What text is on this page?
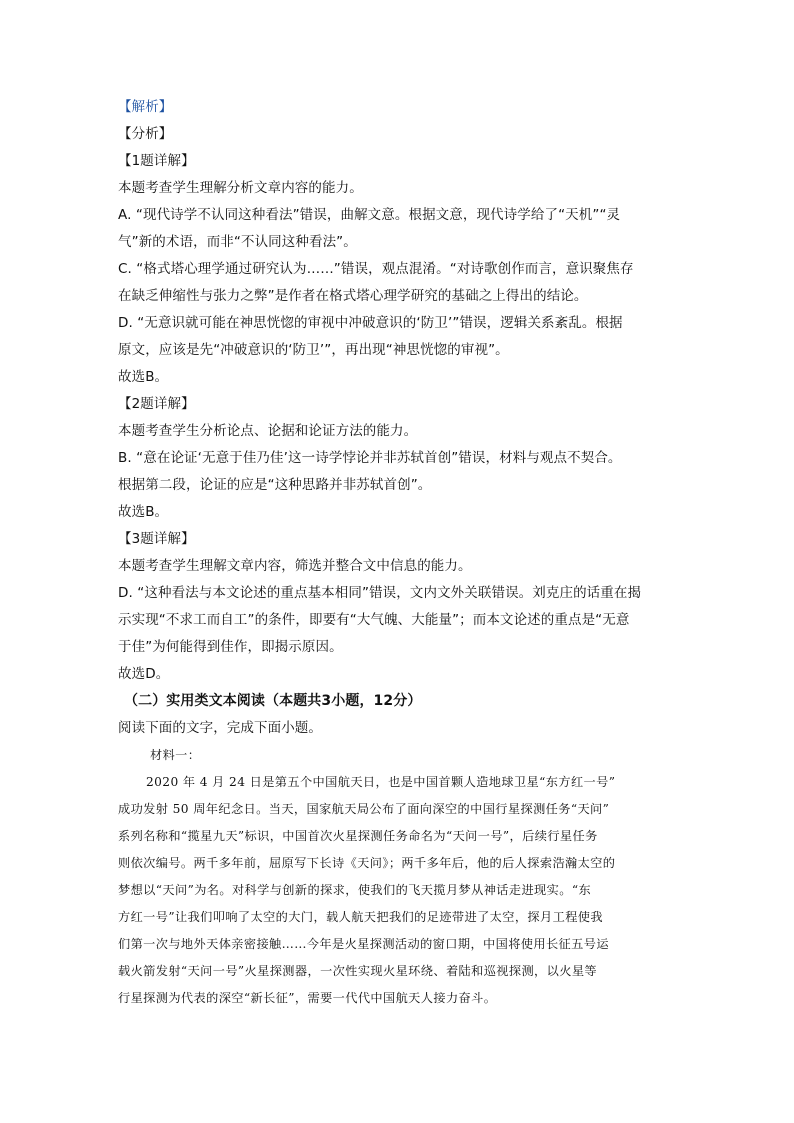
【解析】
【分析】
【1题详解】
本题考查学生理解分析文章内容的能力。
A. “现代诗学不认同这种看法”错误，曲解文意。根据文意，现代诗学给了“天机”“灵
气”新的术语，而非“不认同这种看法”。
C. “格式塔心理学通过研究认为……”错误，观点混淆。“对诗歌创作而言，意识聚焦存
在缺乏伸缩性与张力之弊”是作者在格式塔心理学研究的基础之上得出的结论。
D. “无意识就可能在神思恍惚的审视中冲破意识的‘防卫’”错误，逻辑关系紊乱。根据
原文，应该是先“冲破意识的‘防卫’”，再出现“神思恍惚的审视”。
故选B。
【2题详解】
本题考查学生分析论点、论据和论证方法的能力。
B. “意在论证‘无意于佳乃佳’这一诗学悖论并非苏轼首创”错误，材料与观点不契合。
根据第二段，论证的应是“这种思路并非苏轼首创”。
故选B。
【3题详解】
本题考查学生理解文章内容，筛选并整合文中信息的能力。
D. “这种看法与本文论述的重点基本相同”错误，文内文外关联错误。刘克庄的话重在揭
示实现“不求工而自工”的条件，即要有“大气魄、大能量”；而本文论述的重点是“无意
于佳”为何能得到佳作，即揭示原因。
故选D。
（二）实用类文本阅读（本题共3小题，12分）
阅读下面的文字，完成下面小题。
材料一：
2020 年 4 月 24 日是第五个中国航天日，也是中国首颗人造地球卫星“东方红一号”
成功发射 50 周年纪念日。当天，国家航天局公布了面向深空的中国行星探测任务“天问”
系列名称和“揽星九天”标识，中国首次火星探测任务命名为“天问一号”，后续行星任务
则依次编号。两千多年前，屈原写下长诗《天问》；两千多年后，他的后人探索浩瀚太空的
梦想以“天问”为名。对科学与创新的探求，使我们的飞天揽月梦从神话走进现实。“东
方红一号”让我们叩响了太空的大门，载人航天把我们的足迹带进了太空，探月工程使我
们第一次与地外天体亲密接触……今年是火星探测活动的窗口期，中国将使用长征五号运
载火箭发射“天问一号”火星探测器，一次性实现火星环绕、着陆和巡视探测，以火星等
行星探测为代表的深空“新长征”，需要一代代中国航天人接力奋斗。
